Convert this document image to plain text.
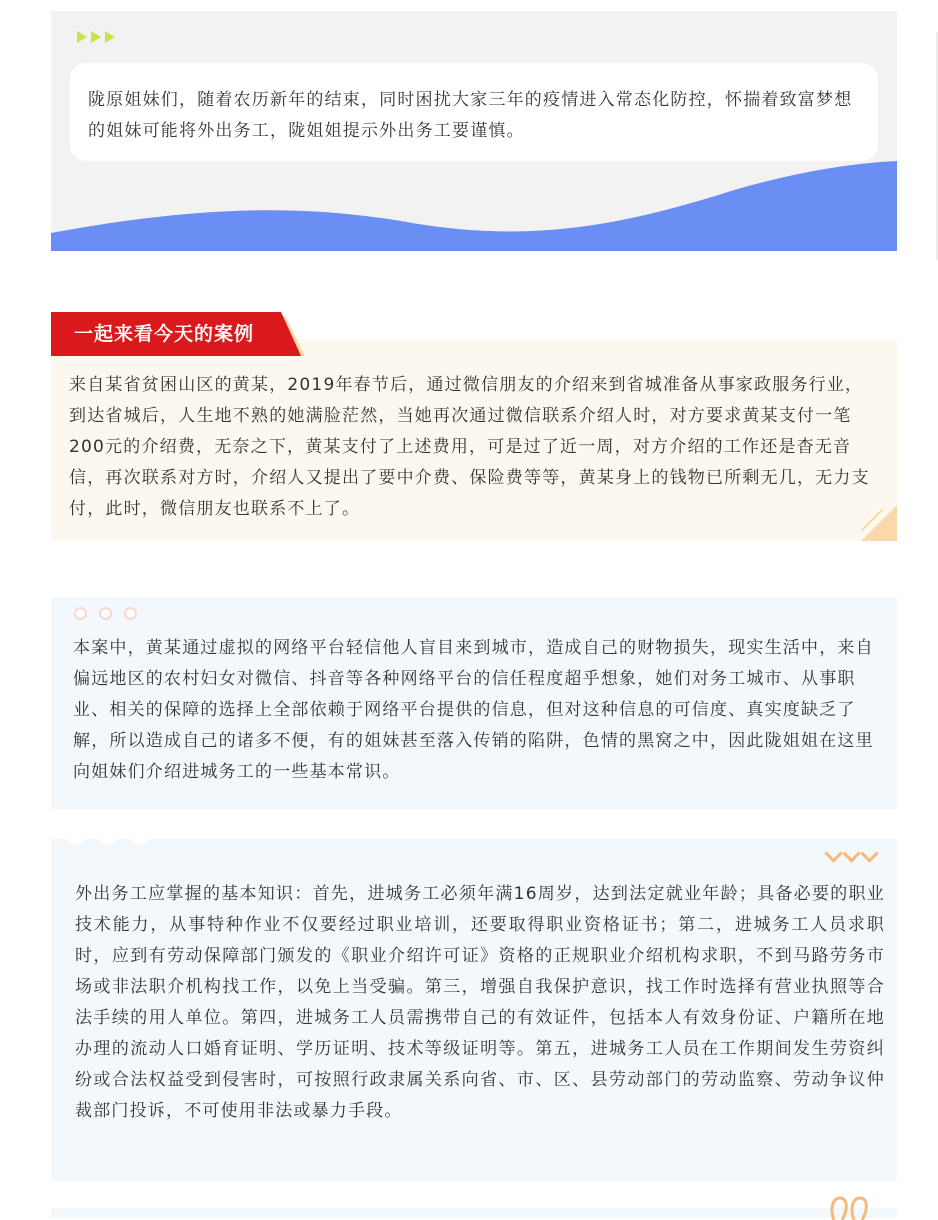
陇原姐妹们，随着农历新年的结束，同时困扰大家三年的疫情进入常态化防控，怀揣着致富梦想的姐妹可能将外出务工，陇姐姐提示外出务工要谨慎。

来自某省贫困山区的黄某，2019年春节后，通过微信朋友的介绍来到省城准备从事家政服务行业，到达省城后，人生地不熟的她满脸茫然，当她再次通过微信联系介绍人时，对方要求黄某支付一笔200元的介绍费，无奈之下，黄某支付了上述费用，可是过了近一周，对方介绍的工作还是杳无音信，再次联系对方时，介绍人又提出了要中介费、保险费等等，黄某身上的钱物已所剩无几，无力支付，此时，微信朋友也联系不上了。

一起来看今天的案例

本案中，黄某通过虚拟的网络平台轻信他人盲目来到城市，造成自己的财物损失，现实生活中，来自偏远地区的农村妇女对微信、抖音等各种网络平台的信任程度超乎想象，她们对务工城市、从事职业、相关的保障的选择上全部依赖于网络平台提供的信息，但对这种信息的可信度、真实度缺乏了解，所以造成自己的诸多不便，有的姐妹甚至落入传销的陷阱，色情的黑窝之中，因此陇姐姐在这里向姐妹们介绍进城务工的一些基本常识。

外出务工应掌握的基本知识：首先，进城务工必须年满16周岁，达到法定就业年龄；具备必要的职业技术能力，从事特种作业不仅要经过职业培训，还要取得职业资格证书；第二，进城务工人员求职时，应到有劳动保障部门颁发的《职业介绍许可证》资格的正规职业介绍机构求职，不到马路劳务市场或非法职介机构找工作，以免上当受骗。第三，增强自我保护意识，找工作时选择有营业执照等合法手续的用人单位。第四，进城务工人员需携带自己的有效证件，包括本人有效身份证、户籍所在地办理的流动人口婚育证明、学历证明、技术等级证明等。第五，进城务工人员在工作期间发生劳资纠纷或合法权益受到侵害时，可按照行政隶属关系向省、市、区、县劳动部门的劳动监察、劳动争议仲裁部门投诉，不可使用非法或暴力手段。
